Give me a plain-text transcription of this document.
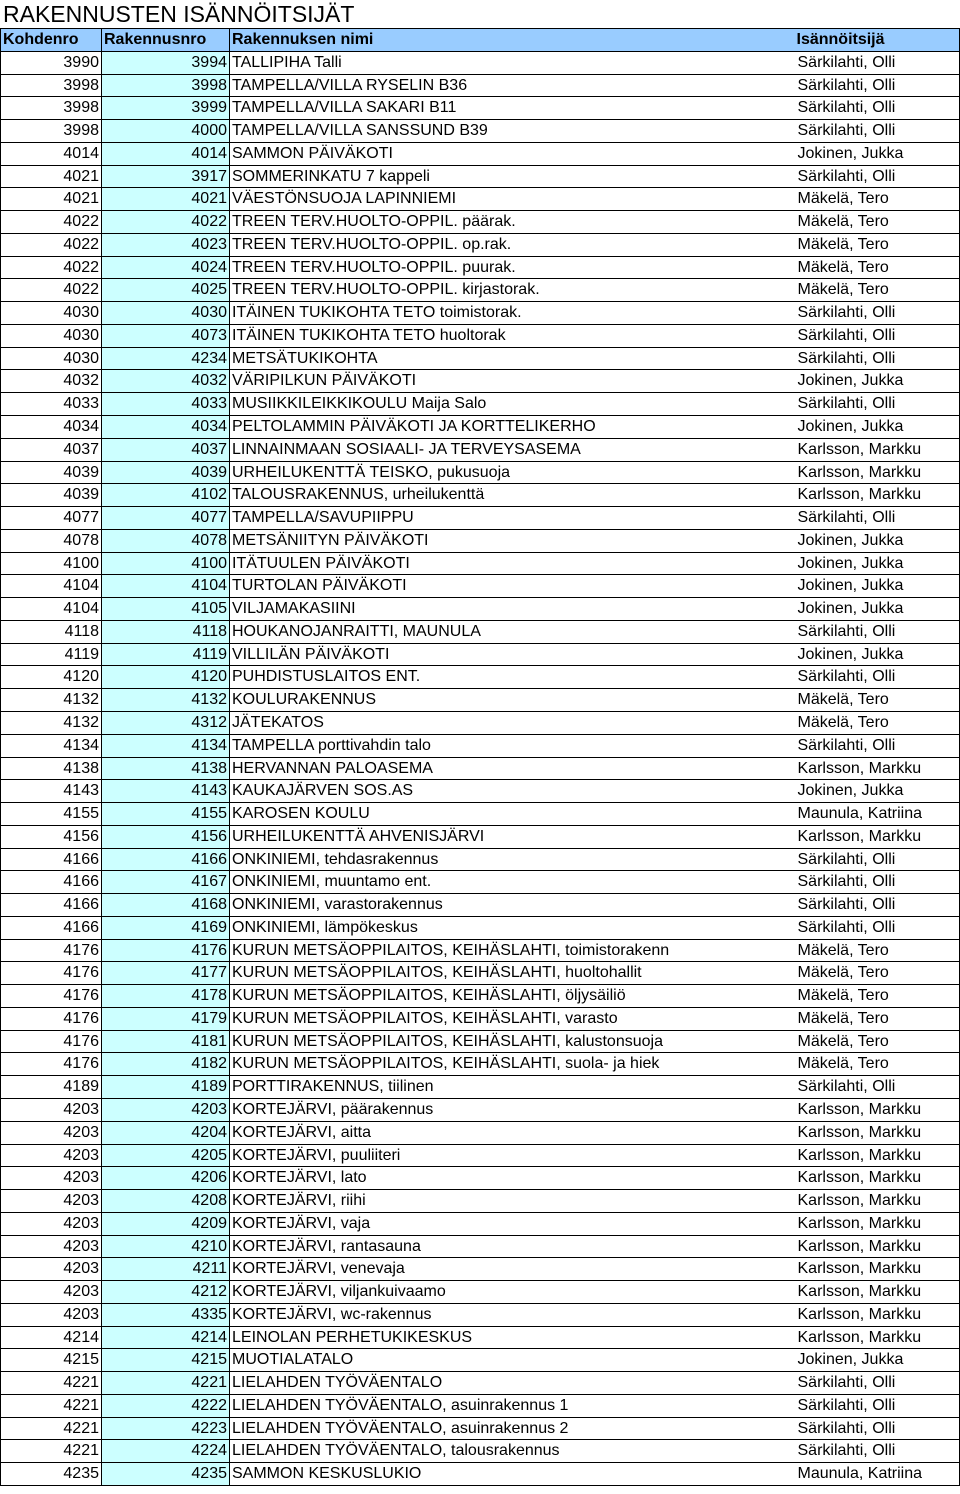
RAKENNUSTEN ISÄNNÖITSIJÄT
Kohdenro	Rakennusnro	Rakennuksen nimi	Isännöitsijä
3990	3994	TALLIPIHA Talli	Särkilahti, Olli
3998	3998	TAMPELLA/VILLA RYSELIN B36	Särkilahti, Olli
3998	3999	TAMPELLA/VILLA SAKARI B11	Särkilahti, Olli
3998	4000	TAMPELLA/VILLA SANSSUND B39	Särkilahti, Olli
4014	4014	SAMMON PÄIVÄKOTI	Jokinen, Jukka
4021	3917	SOMMERINKATU 7 kappeli	Särkilahti, Olli
4021	4021	VÄESTÖNSUOJA LAPINNIEMI	Mäkelä, Tero
4022	4022	TREEN TERV.HUOLTO-OPPIL. päärak.	Mäkelä, Tero
4022	4023	TREEN TERV.HUOLTO-OPPIL. op.rak.	Mäkelä, Tero
4022	4024	TREEN TERV.HUOLTO-OPPIL. puurak.	Mäkelä, Tero
4022	4025	TREEN TERV.HUOLTO-OPPIL. kirjastorak.	Mäkelä, Tero
4030	4030	ITÄINEN TUKIKOHTA TETO toimistorak.	Särkilahti, Olli
4030	4073	ITÄINEN TUKIKOHTA TETO huoltorak	Särkilahti, Olli
4030	4234	METSÄTUKIKOHTA	Särkilahti, Olli
4032	4032	VÄRIPILKUN PÄIVÄKOTI	Jokinen, Jukka
4033	4033	MUSIIKKILEIKKIKOULU Maija Salo	Särkilahti, Olli
4034	4034	PELTOLAMMIN PÄIVÄKOTI JA KORTTELIKERHO	Jokinen, Jukka
4037	4037	LINNAINMAAN SOSIAALI- JA TERVEYSASEMA	Karlsson, Markku
4039	4039	URHEILUKENTTÄ TEISKO, pukusuoja	Karlsson, Markku
4039	4102	TALOUSRAKENNUS, urheilukenttä	Karlsson, Markku
4077	4077	TAMPELLA/SAVUPIIPPU	Särkilahti, Olli
4078	4078	METSÄNIITYN PÄIVÄKOTI	Jokinen, Jukka
4100	4100	ITÄTUULEN PÄIVÄKOTI	Jokinen, Jukka
4104	4104	TURTOLAN PÄIVÄKOTI	Jokinen, Jukka
4104	4105	VILJAMAKASIINI	Jokinen, Jukka
4118	4118	HOUKANOJANRAITTI, MAUNULA	Särkilahti, Olli
4119	4119	VILLILÄN PÄIVÄKOTI	Jokinen, Jukka
4120	4120	PUHDISTUSLAITOS ENT.	Särkilahti, Olli
4132	4132	KOULURAKENNUS	Mäkelä, Tero
4132	4312	JÄTEKATOS	Mäkelä, Tero
4134	4134	TAMPELLA porttivahdin talo	Särkilahti, Olli
4138	4138	HERVANNAN PALOASEMA	Karlsson, Markku
4143	4143	KAUKAJÄRVEN SOS.AS	Jokinen, Jukka
4155	4155	KAROSEN KOULU	Maunula, Katriina
4156	4156	URHEILUKENTTÄ AHVENISJÄRVI	Karlsson, Markku
4166	4166	ONKINIEMI, tehdasrakennus	Särkilahti, Olli
4166	4167	ONKINIEMI, muuntamo ent.	Särkilahti, Olli
4166	4168	ONKINIEMI, varastorakennus	Särkilahti, Olli
4166	4169	ONKINIEMI, lämpökeskus	Särkilahti, Olli
4176	4176	KURUN METSÄOPPILAITOS, KEIHÄSLAHTI, toimistorakenn	Mäkelä, Tero
4176	4177	KURUN METSÄOPPILAITOS, KEIHÄSLAHTI, huoltohallit	Mäkelä, Tero
4176	4178	KURUN METSÄOPPILAITOS, KEIHÄSLAHTI, öljysäiliö	Mäkelä, Tero
4176	4179	KURUN METSÄOPPILAITOS, KEIHÄSLAHTI, varasto	Mäkelä, Tero
4176	4181	KURUN METSÄOPPILAITOS, KEIHÄSLAHTI, kalustonsuoja	Mäkelä, Tero
4176	4182	KURUN METSÄOPPILAITOS, KEIHÄSLAHTI, suola- ja hiek	Mäkelä, Tero
4189	4189	PORTTIRAKENNUS, tiilinen	Särkilahti, Olli
4203	4203	KORTEJÄRVI, päärakennus	Karlsson, Markku
4203	4204	KORTEJÄRVI, aitta	Karlsson, Markku
4203	4205	KORTEJÄRVI, puuliiteri	Karlsson, Markku
4203	4206	KORTEJÄRVI, lato	Karlsson, Markku
4203	4208	KORTEJÄRVI, riihi	Karlsson, Markku
4203	4209	KORTEJÄRVI, vaja	Karlsson, Markku
4203	4210	KORTEJÄRVI, rantasauna	Karlsson, Markku
4203	4211	KORTEJÄRVI, venevaja	Karlsson, Markku
4203	4212	KORTEJÄRVI, viljankuivaamo	Karlsson, Markku
4203	4335	KORTEJÄRVI, wc-rakennus	Karlsson, Markku
4214	4214	LEINOLAN PERHETUKIKESKUS	Karlsson, Markku
4215	4215	MUOTIALATALO	Jokinen, Jukka
4221	4221	LIELAHDEN TYÖVÄENTALO	Särkilahti, Olli
4221	4222	LIELAHDEN TYÖVÄENTALO, asuinrakennus 1	Särkilahti, Olli
4221	4223	LIELAHDEN TYÖVÄENTALO, asuinrakennus 2	Särkilahti, Olli
4221	4224	LIELAHDEN TYÖVÄENTALO, talousrakennus	Särkilahti, Olli
4235	4235	SAMMON KESKUSLUKIO	Maunula, Katriina
